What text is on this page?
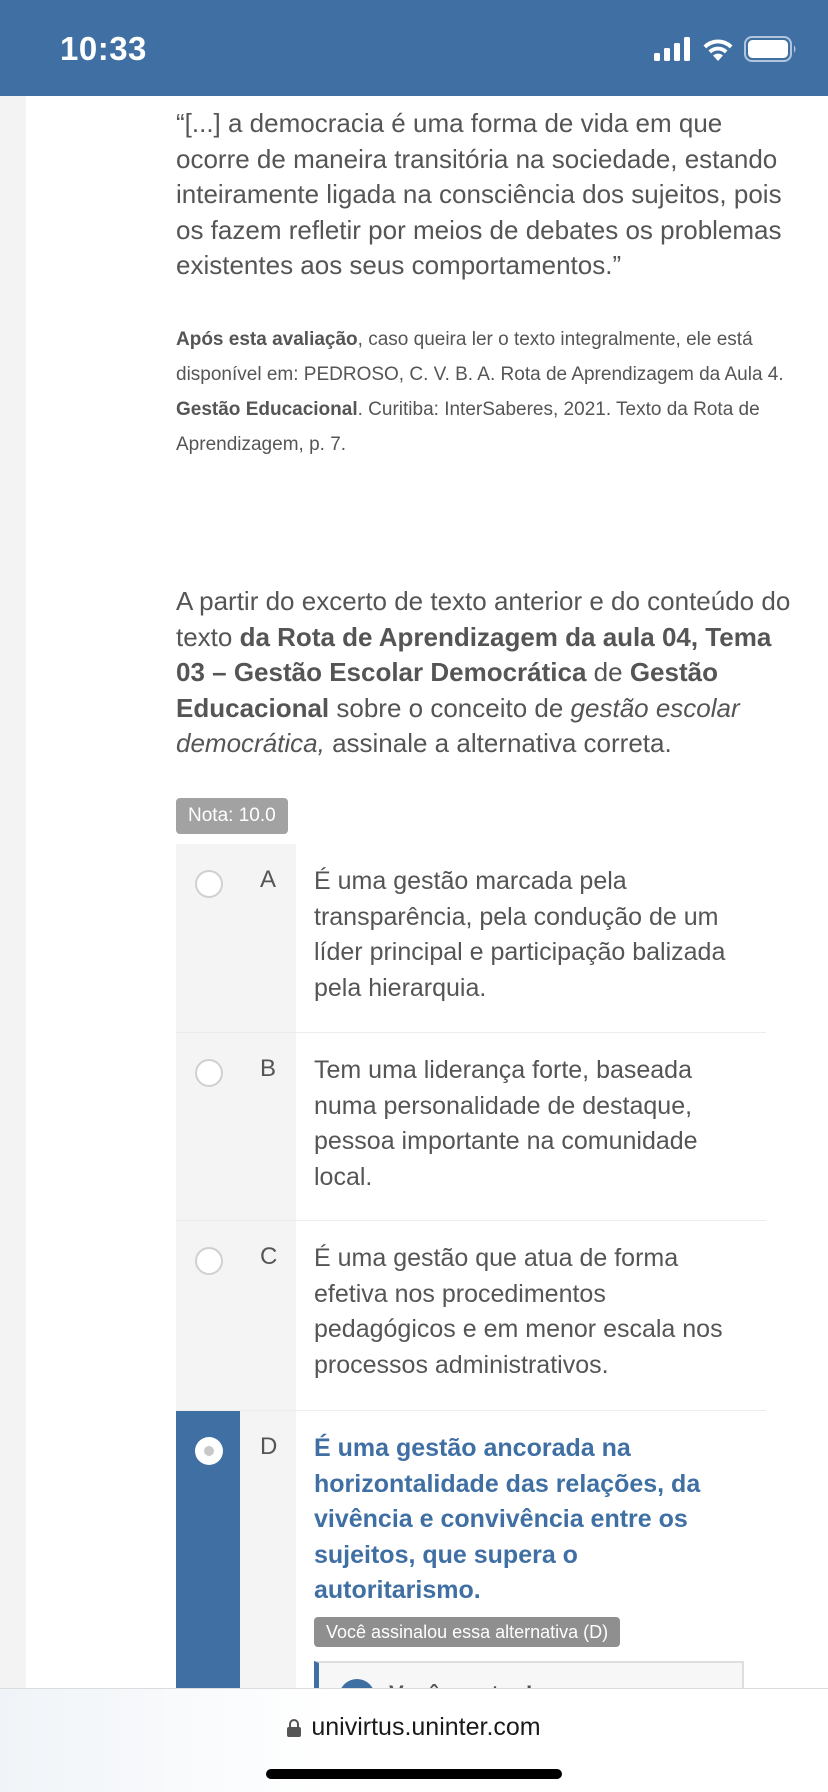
10:33

“[...] a democracia é uma forma de vida em que ocorre de maneira transitória na sociedade, estando inteiramente ligada na consciência dos sujeitos, pois os fazem refletir por meios de debates os problemas existentes aos seus comportamentos.”

Após esta avaliação, caso queira ler o texto integralmente, ele está disponível em: PEDROSO, C. V. B. A. Rota de Aprendizagem da Aula 4. Gestão Educacional. Curitiba: InterSaberes, 2021. Texto da Rota de Aprendizagem, p. 7.

A partir do excerto de texto anterior e do conteúdo do texto da Rota de Aprendizagem da aula 04, Tema 03 – Gestão Escolar Democrática de Gestão Educacional sobre o conceito de gestão escolar democrática, assinale a alternativa correta.

Nota: 10.0
A É uma gestão marcada pela transparência, pela condução de um líder principal e participação balizada pela hierarquia.
B Tem uma liderança forte, baseada numa personalidade de destaque, pessoa importante na comunidade local.
C É uma gestão que atua de forma efetiva nos procedimentos pedagógicos e em menor escala nos processos administrativos.
D É uma gestão ancorada na horizontalidade das relações, da vivência e convivência entre os sujeitos, que supera o autoritarismo.
Você assinalou essa alternativa (D)
univirtus.uninter.com
